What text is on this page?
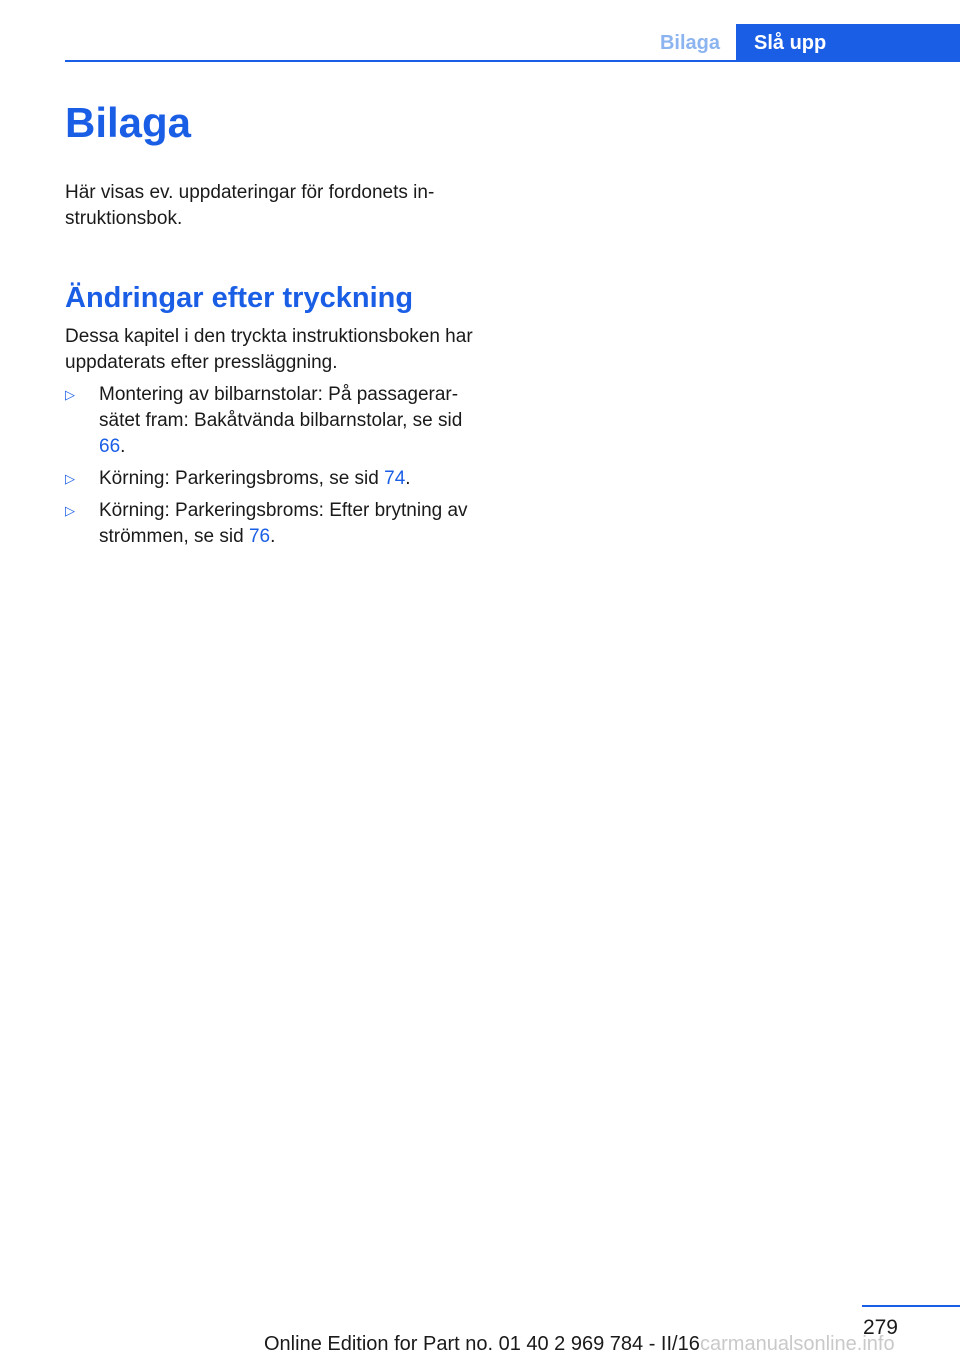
Bilaga Slå upp
Bilaga

Här visas ev. uppdateringar för fordonets in-struktionsbok.

Ändringar efter tryckning

Dessa kapitel i den tryckta instruktionsboken har uppdaterats efter pressläggning.

▷ Montering av bilbarnstolar: På passagerar-sätet fram: Bakåtvända bilbarnstolar, se sid 66.
▷ Körning: Parkeringsbroms, se sid 74.
▷ Körning: Parkeringsbroms: Efter brytning av strömmen, se sid 76.
279
Online Edition for Part no. 01 40 2 969 784 - II/16 carmanualsonline.info
